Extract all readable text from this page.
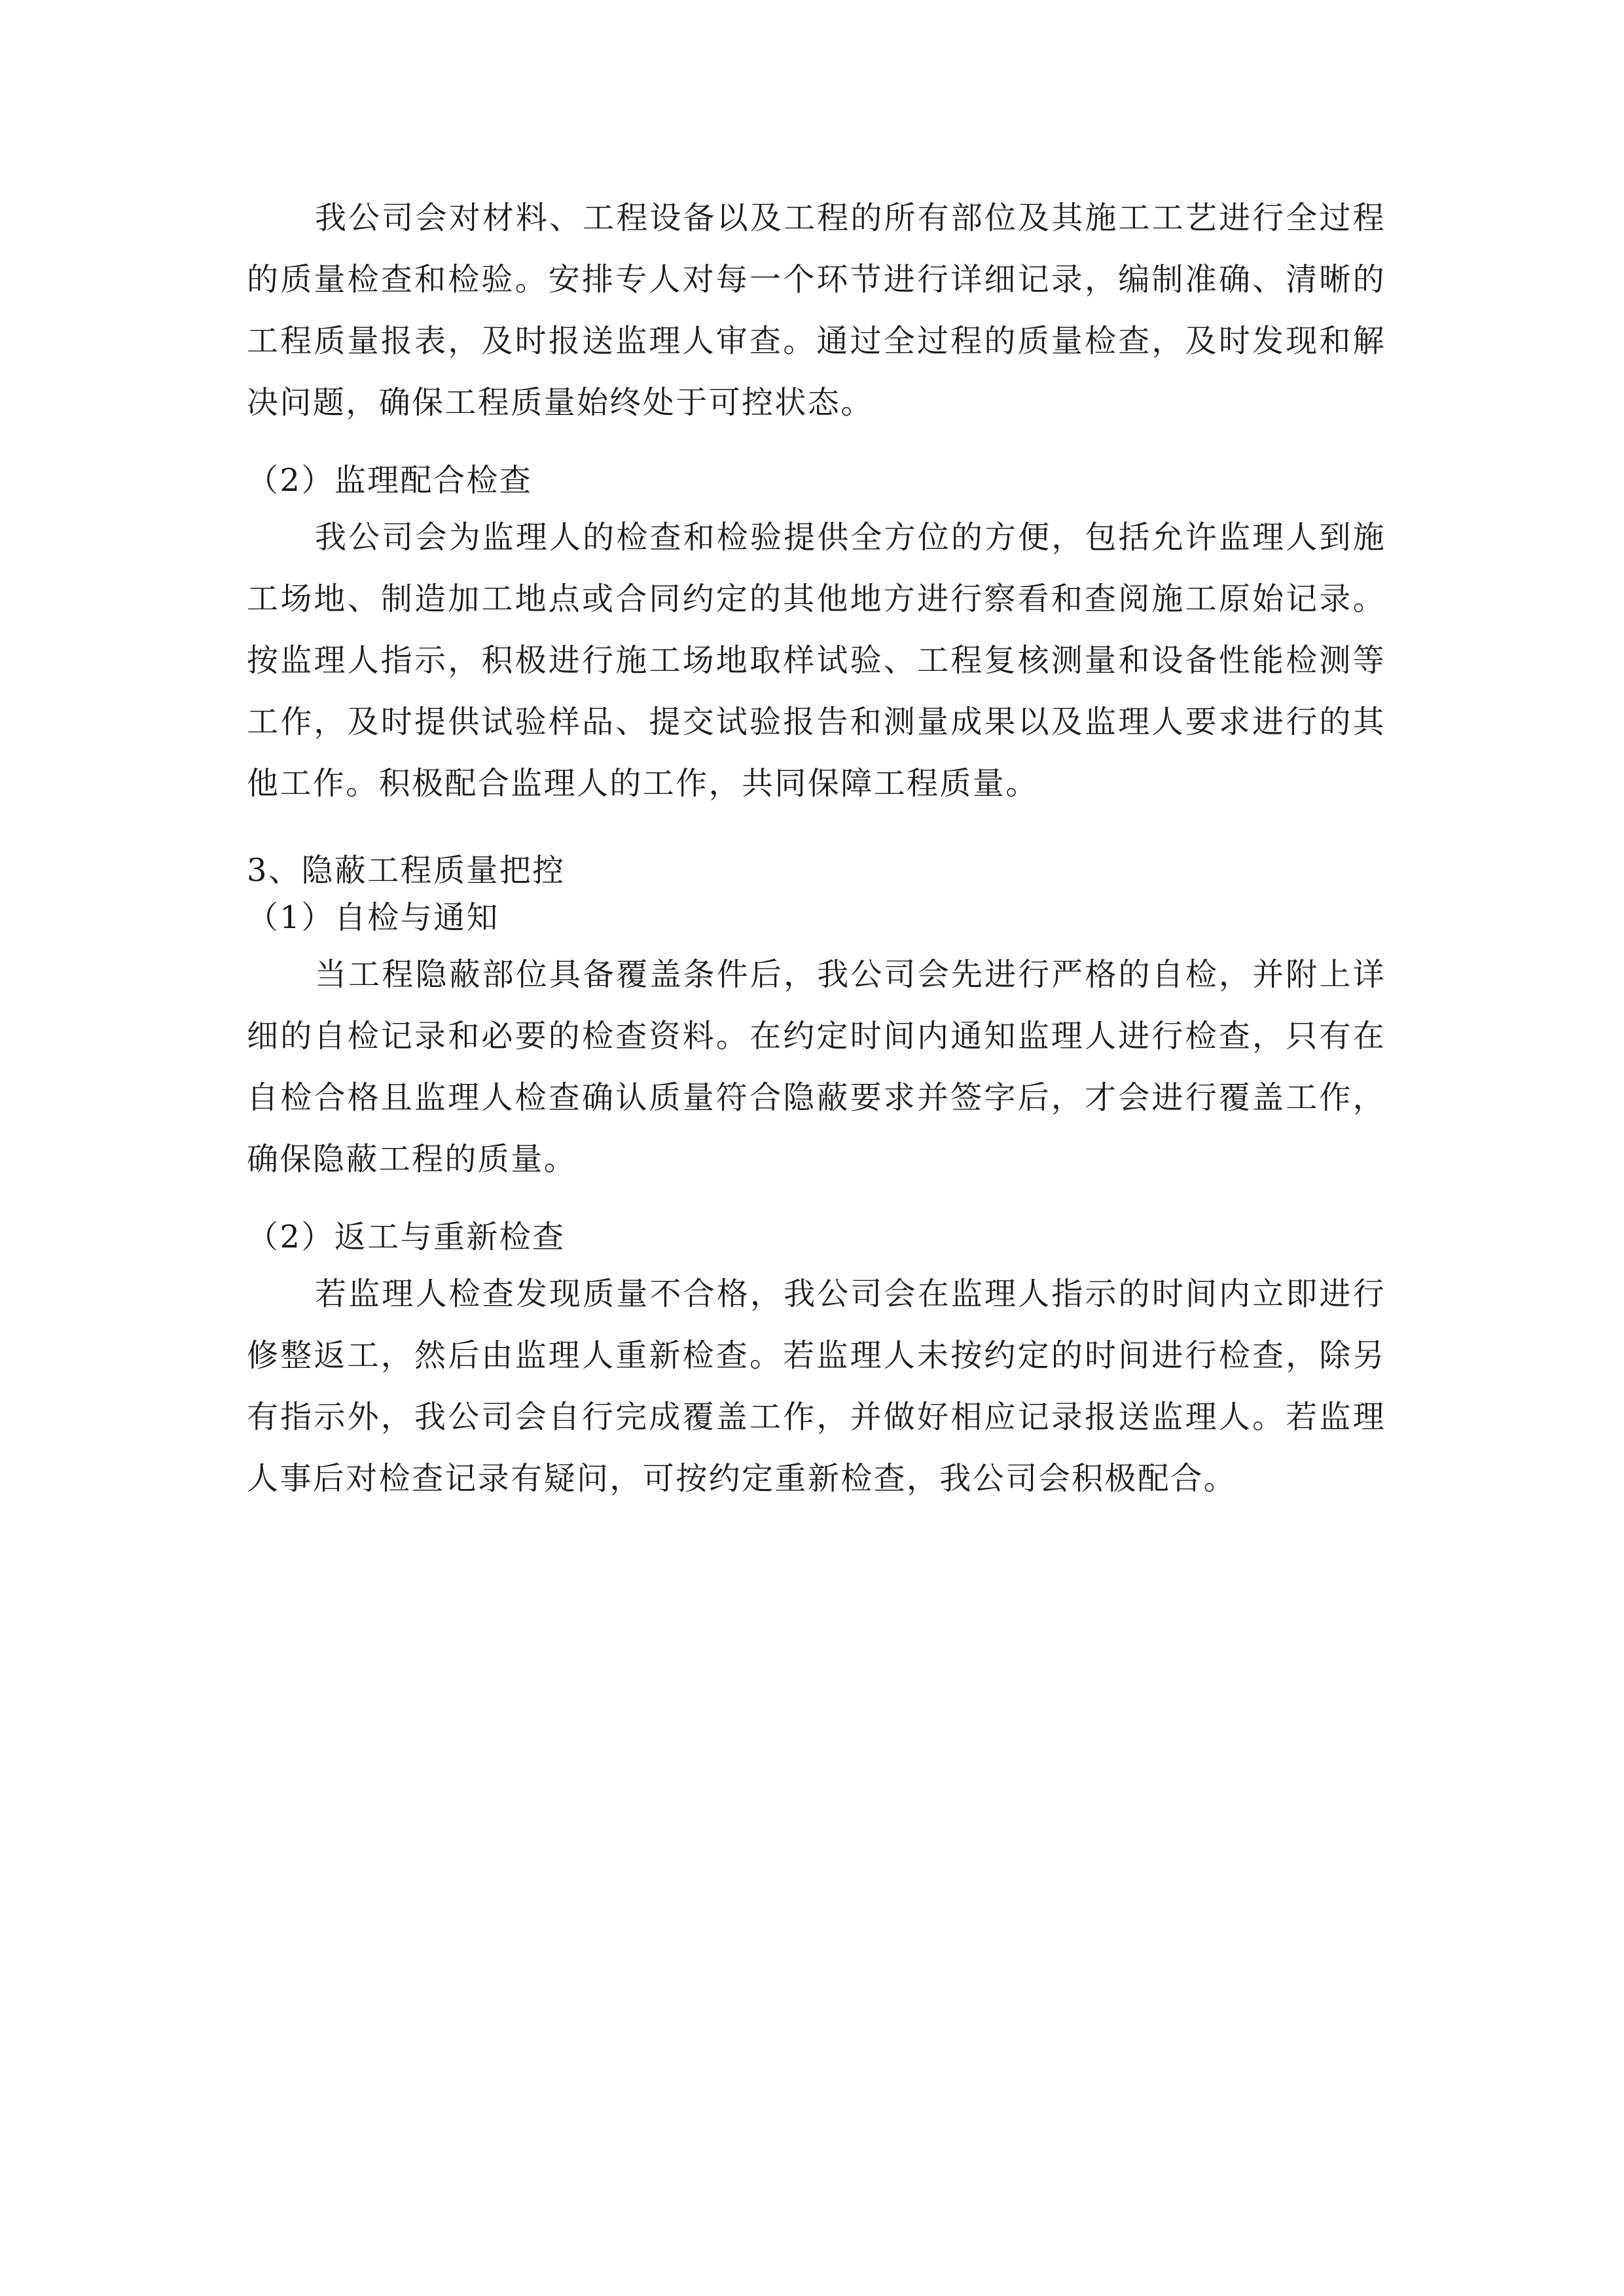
我公司会对材料、工程设备以及工程的所有部位及其施工工艺进行全过程的质量检查和检验。安排专人对每一个环节进行详细记录，编制准确、清晰的工程质量报表，及时报送监理人审查。通过全过程的质量检查，及时发现和解决问题，确保工程质量始终处于可控状态。

（2）监理配合检查

我公司会为监理人的检查和检验提供全方位的方便，包括允许监理人到施工场地、制造加工地点或合同约定的其他地方进行察看和查阅施工原始记录。按监理人指示，积极进行施工场地取样试验、工程复核测量和设备性能检测等工作，及时提供试验样品、提交试验报告和测量成果以及监理人要求进行的其他工作。积极配合监理人的工作，共同保障工程质量。

3、隐蔽工程质量把控

（1）自检与通知

当工程隐蔽部位具备覆盖条件后，我公司会先进行严格的自检，并附上详细的自检记录和必要的检查资料。在约定时间内通知监理人进行检查，只有在自检合格且监理人检查确认质量符合隐蔽要求并签字后，才会进行覆盖工作，确保隐蔽工程的质量。

（2）返工与重新检查

若监理人检查发现质量不合格，我公司会在监理人指示的时间内立即进行修整返工，然后由监理人重新检查。若监理人未按约定的时间进行检查，除另有指示外，我公司会自行完成覆盖工作，并做好相应记录报送监理人。若监理人事后对检查记录有疑问，可按约定重新检查，我公司会积极配合。
